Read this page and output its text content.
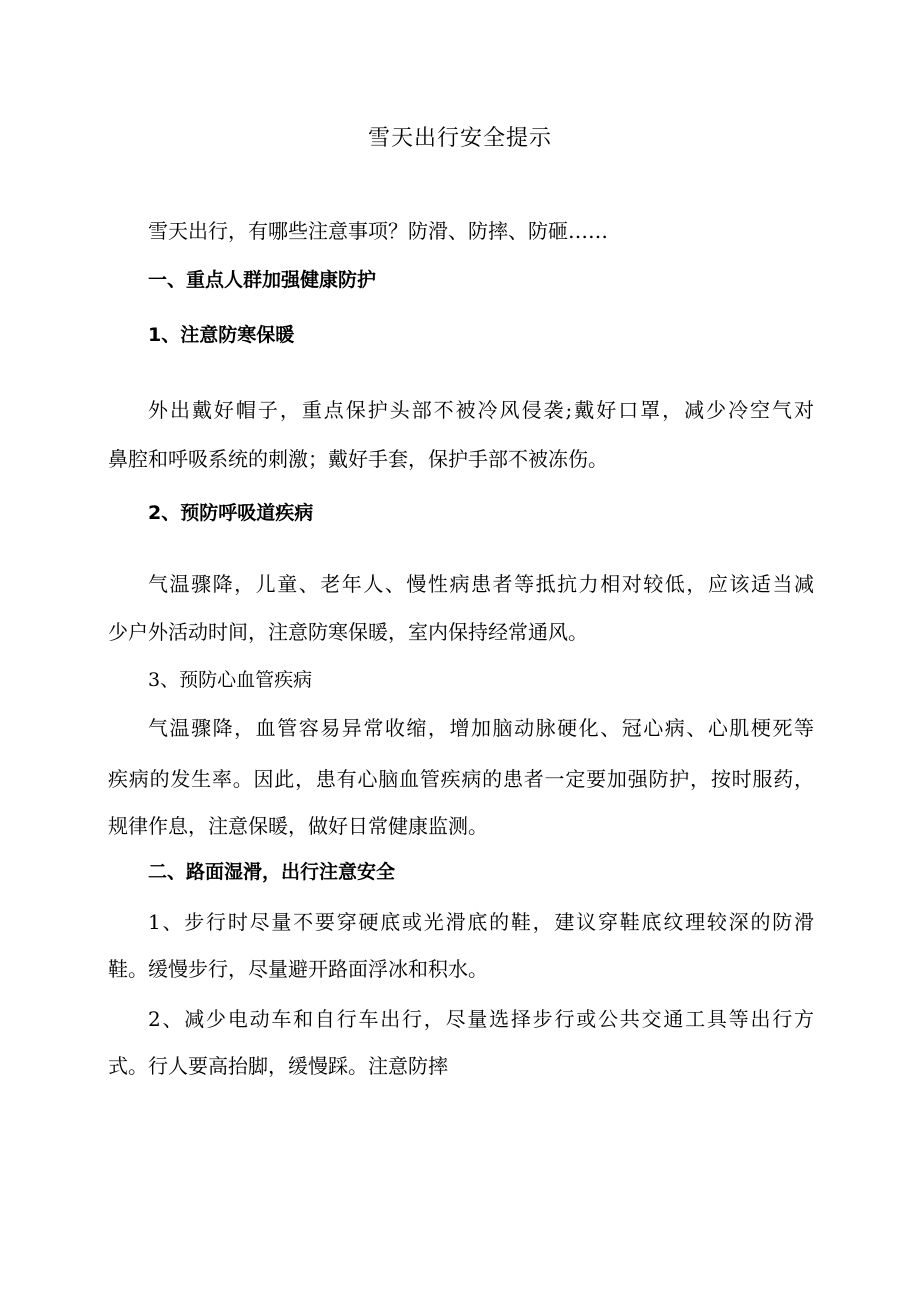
雪天出行安全提示
雪天出行，有哪些注意事项？防滑、防摔、防砸……
一、重点人群加强健康防护
1、注意防寒保暖
外出戴好帽子，重点保护头部不被冷风侵袭;戴好口罩，减少冷空气对
鼻腔和呼吸系统的刺激；戴好手套，保护手部不被冻伤。
2、预防呼吸道疾病
气温骤降，儿童、老年人、慢性病患者等抵抗力相对较低，应该适当减
少户外活动时间，注意防寒保暖，室内保持经常通风。
3、预防心血管疾病
气温骤降，血管容易异常收缩，增加脑动脉硬化、冠心病、心肌梗死等
疾病的发生率。因此，患有心脑血管疾病的患者一定要加强防护，按时服药，
规律作息，注意保暖，做好日常健康监测。
二、路面湿滑，出行注意安全
1、步行时尽量不要穿硬底或光滑底的鞋，建议穿鞋底纹理较深的防滑
鞋。缓慢步行，尽量避开路面浮冰和积水。
2、减少电动车和自行车出行，尽量选择步行或公共交通工具等出行方
式。行人要高抬脚，缓慢踩。注意防摔
